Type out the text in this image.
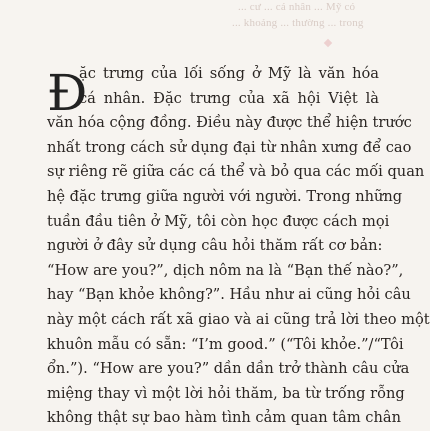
... cư ... cá nhân ... Mỹ có
... khoảng ... thường ... trong
Đ
ặc trưng của lối sống ở Mỹ là văn hóa
cá nhân. Đặc trưng của xã hội Việt là
văn hóa cộng đồng. Điều này được thể hiện trước
nhất trong cách sử dụng đại từ nhân xưng để cao
sự riêng rẽ giữa các cá thể và bỏ qua các mối quan
hệ đặc trưng giữa người với người. Trong những
tuần đầu tiên ở Mỹ, tôi còn học được cách mọi
người ở đây sử dụng câu hỏi thăm rất cơ bản:
“How are you?”, dịch nôm na là “Bạn thế nào?”,
hay “Bạn khỏe không?”. Hầu như ai cũng hỏi câu
này một cách rất xã giao và ai cũng trả lời theo một
khuôn mẫu có sẵn: “I’m good.” (“Tôi khỏe.”/“Tôi
ổn.”). “How are you?” dần dần trở thành câu cửa
miệng thay vì một lời hỏi thăm, ba từ trống rỗng
không thật sự bao hàm tình cảm quan tâm chân
